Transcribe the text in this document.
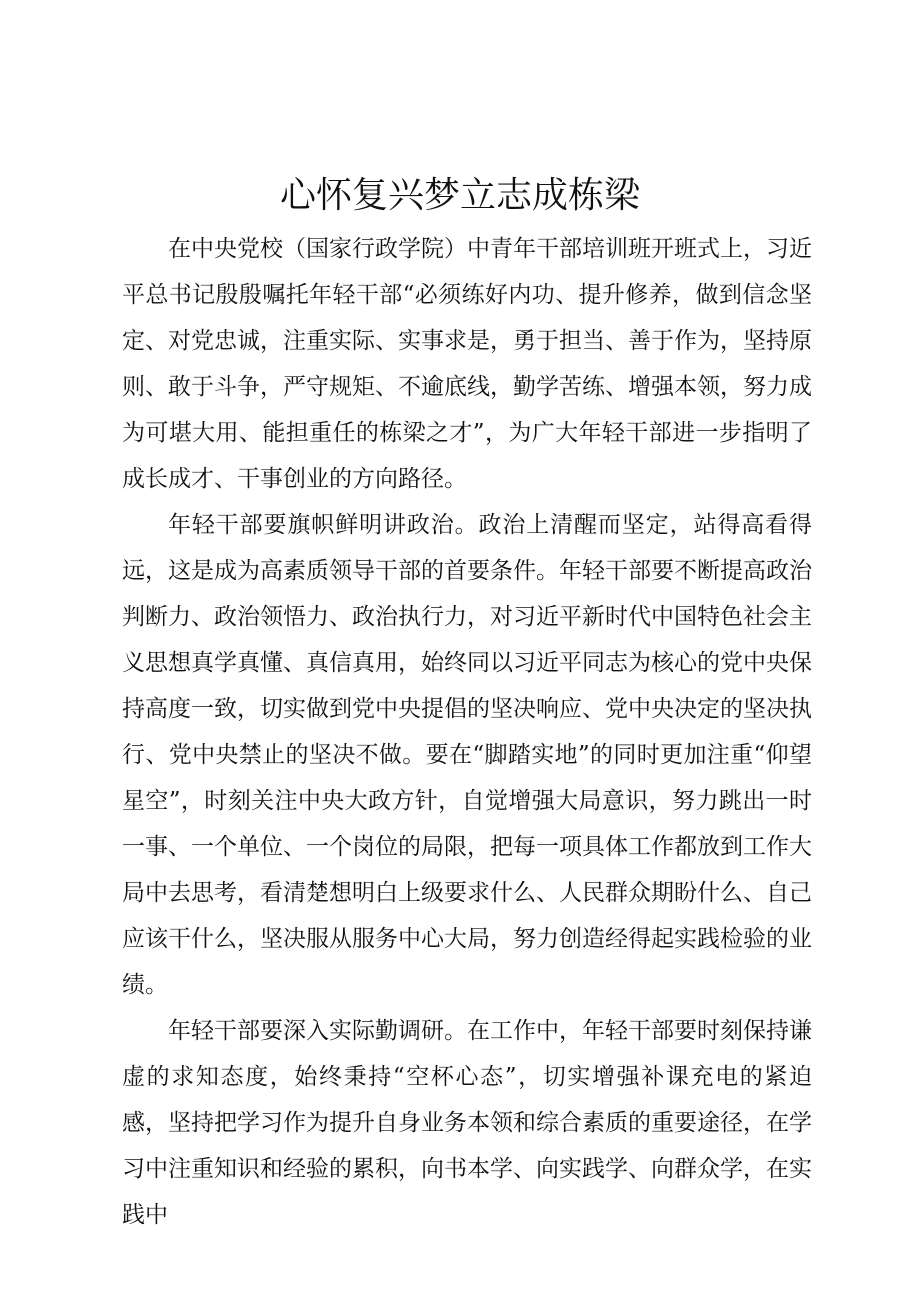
心怀复兴梦立志成栋梁

在中央党校（国家行政学院）中青年干部培训班开班式上，习近平总书记殷殷嘱托年轻干部“必须练好内功、提升修养，做到信念坚定、对党忠诚，注重实际、实事求是，勇于担当、善于作为，坚持原则、敢于斗争，严守规矩、不逾底线，勤学苦练、增强本领，努力成为可堪大用、能担重任的栋梁之才”，为广大年轻干部进一步指明了成长成才、干事创业的方向路径。

年轻干部要旗帜鲜明讲政治。政治上清醒而坚定，站得高看得远，这是成为高素质领导干部的首要条件。年轻干部要不断提高政治判断力、政治领悟力、政治执行力，对习近平新时代中国特色社会主义思想真学真懂、真信真用，始终同以习近平同志为核心的党中央保持高度一致，切实做到党中央提倡的坚决响应、党中央决定的坚决执行、党中央禁止的坚决不做。要在“脚踏实地”的同时更加注重“仰望星空”，时刻关注中央大政方针，自觉增强大局意识，努力跳出一时一事、一个单位、一个岗位的局限，把每一项具体工作都放到工作大局中去思考，看清楚想明白上级要求什么、人民群众期盼什么、自己应该干什么，坚决服从服务中心大局，努力创造经得起实践检验的业绩。

年轻干部要深入实际勤调研。在工作中，年轻干部要时刻保持谦虚的求知态度，始终秉持“空杯心态”，切实增强补课充电的紧迫感，坚持把学习作为提升自身业务本领和综合素质的重要途径，在学习中注重知识和经验的累积，向书本学、向实践学、向群众学，在实践中
